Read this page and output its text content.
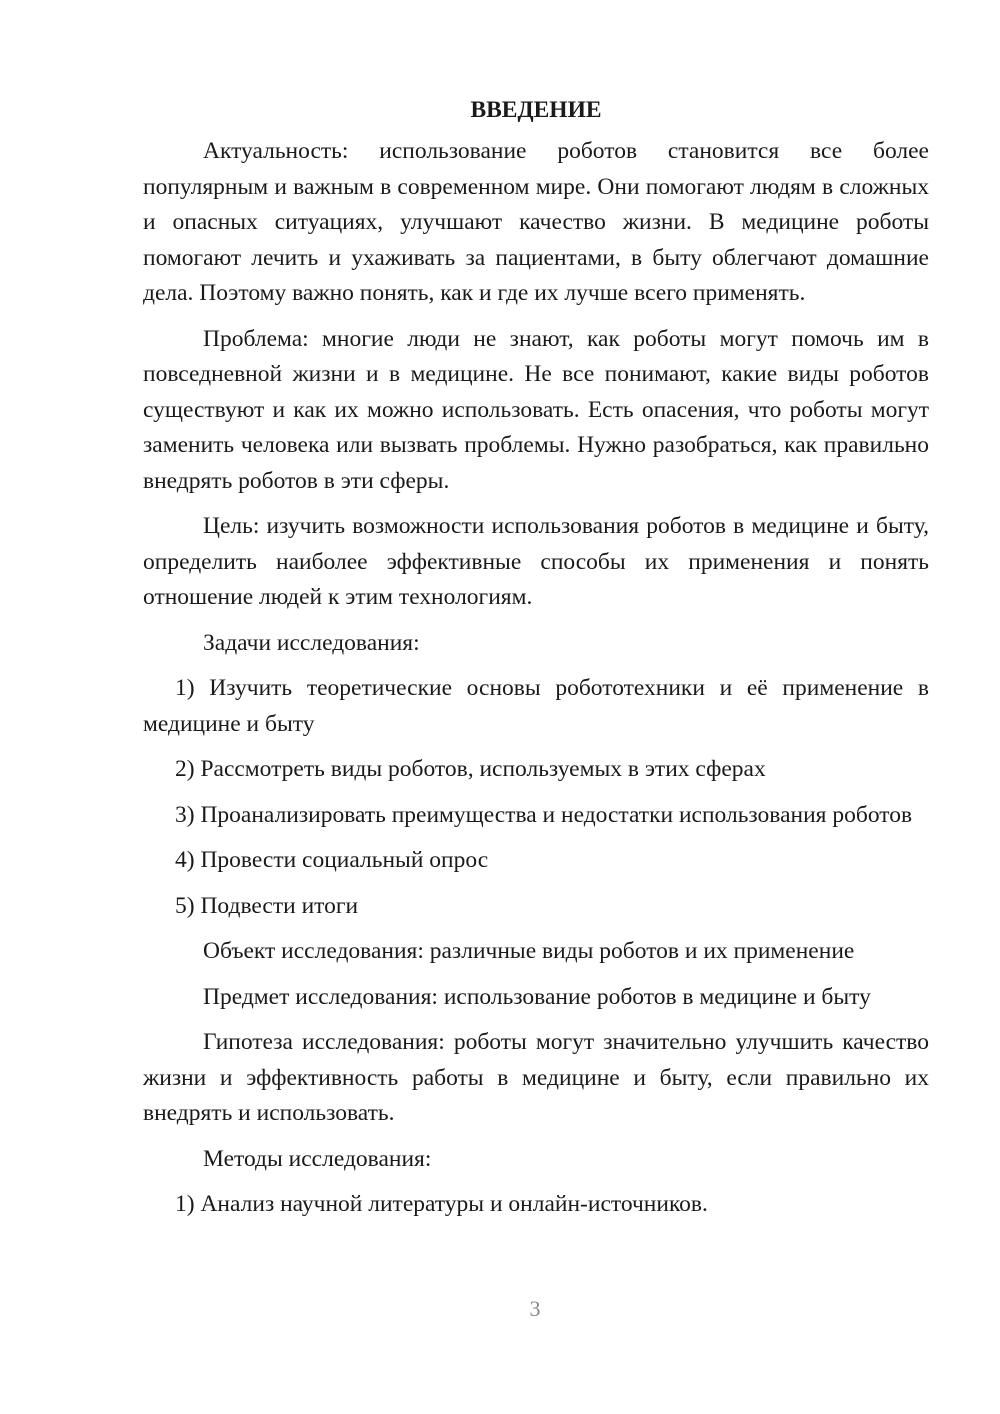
ВВЕДЕНИЕ

Актуальность: использование роботов становится все более популярным и важным в современном мире. Они помогают людям в сложных и опасных ситуациях, улучшают качество жизни. В медицине роботы помогают лечить и ухаживать за пациентами, в быту облегчают домашние дела. Поэтому важно понять, как и где их лучше всего применять.

Проблема: многие люди не знают, как роботы могут помочь им в повседневной жизни и в медицине. Не все понимают, какие виды роботов существуют и как их можно использовать. Есть опасения, что роботы могут заменить человека или вызвать проблемы. Нужно разобраться, как правильно внедрять роботов в эти сферы.

Цель: изучить возможности использования роботов в медицине и быту, определить наиболее эффективные способы их применения и понять отношение людей к этим технологиям.

Задачи исследования:

1) Изучить теоретические основы робототехники и её применение в медицине и быту

2) Рассмотреть виды роботов, используемых в этих сферах

3) Проанализировать преимущества и недостатки использования роботов

4) Провести социальный опрос

5) Подвести итоги

Объект исследования: различные виды роботов и их применение

Предмет исследования: использование роботов в медицине и быту

Гипотеза исследования: роботы могут значительно улучшить качество жизни и эффективность работы в медицине и быту, если правильно их внедрять и использовать.

Методы исследования:

1) Анализ научной литературы и онлайн-источников.

3
